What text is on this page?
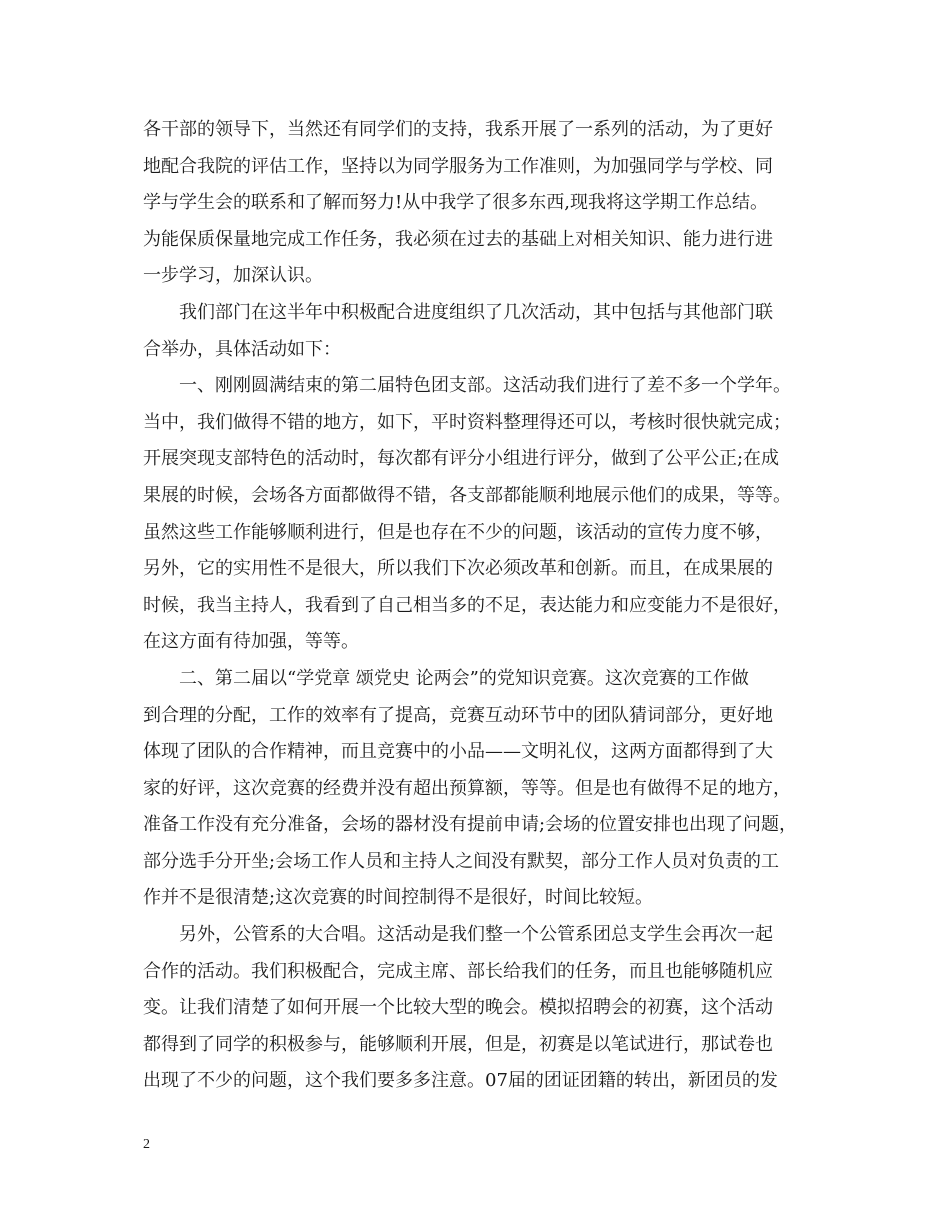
各干部的领导下，当然还有同学们的支持，我系开展了一系列的活动，为了更好
地配合我院的评估工作，坚持以为同学服务为工作准则，为加强同学与学校、同
学与学生会的联系和了解而努力!从中我学了很多东西,现我将这学期工作总结。
为能保质保量地完成工作任务，我必须在过去的基础上对相关知识、能力进行进
一步学习，加深认识。
我们部门在这半年中积极配合进度组织了几次活动，其中包括与其他部门联
合举办，具体活动如下：
一、刚刚圆满结束的第二届特色团支部。这活动我们进行了差不多一个学年。
当中，我们做得不错的地方，如下，平时资料整理得还可以，考核时很快就完成；
开展突现支部特色的活动时，每次都有评分小组进行评分，做到了公平公正;在成
果展的时候，会场各方面都做得不错，各支部都能顺利地展示他们的成果，等等。
虽然这些工作能够顺利进行，但是也存在不少的问题，该活动的宣传力度不够，
另外，它的实用性不是很大，所以我们下次必须改革和创新。而且，在成果展的
时候，我当主持人，我看到了自己相当多的不足，表达能力和应变能力不是很好，
在这方面有待加强，等等。
二、第二届以“学党章 颂党史 论两会”的党知识竞赛。这次竞赛的工作做
到合理的分配，工作的效率有了提高，竞赛互动环节中的团队猜词部分，更好地
体现了团队的合作精神，而且竞赛中的小品——文明礼仪，这两方面都得到了大
家的好评，这次竞赛的经费并没有超出预算额，等等。但是也有做得不足的地方，
准备工作没有充分准备，会场的器材没有提前申请;会场的位置安排也出现了问题，
部分选手分开坐;会场工作人员和主持人之间没有默契，部分工作人员对负责的工
作并不是很清楚;这次竞赛的时间控制得不是很好，时间比较短。
另外，公管系的大合唱。这活动是我们整一个公管系团总支学生会再次一起
合作的活动。我们积极配合，完成主席、部长给我们的任务，而且也能够随机应
变。让我们清楚了如何开展一个比较大型的晚会。模拟招聘会的初赛，这个活动
都得到了同学的积极参与，能够顺利开展，但是，初赛是以笔试进行，那试卷也
出现了不少的问题，这个我们要多多注意。07届的团证团籍的转出，新团员的发
2
